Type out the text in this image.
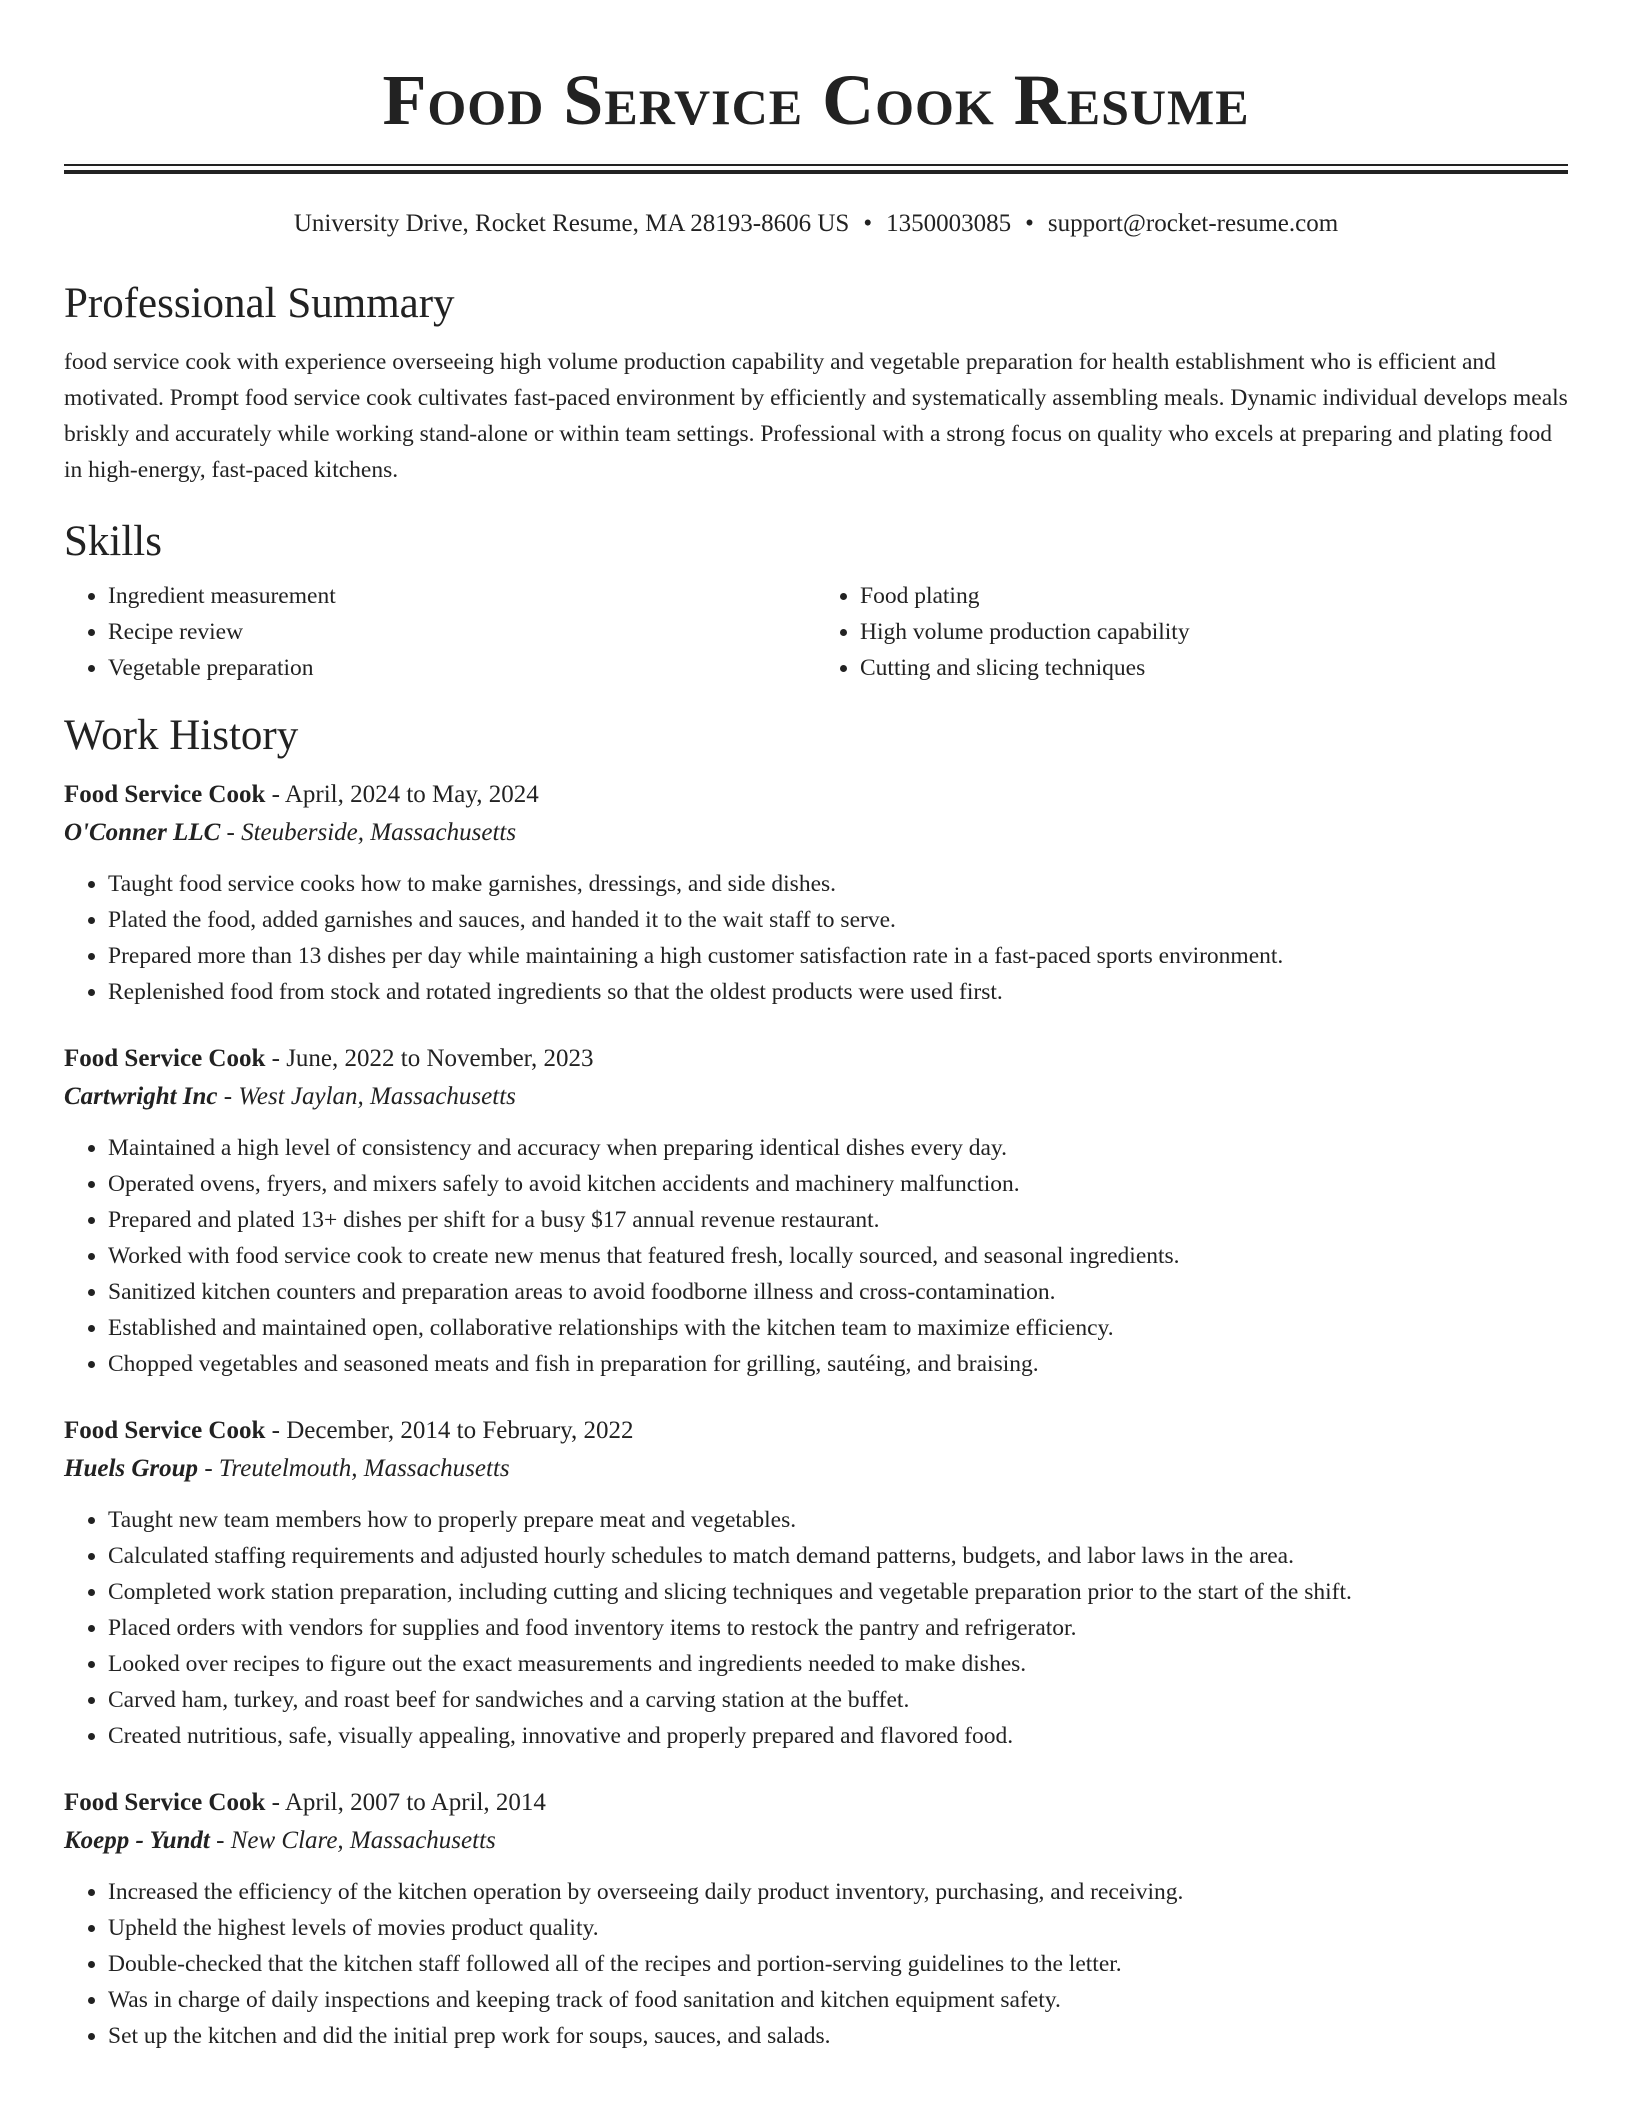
Food Service Cook Resume
University Drive, Rocket Resume, MA 28193-8606 US • 1350003085 • support@rocket-resume.com
Professional Summary

food service cook with experience overseeing high volume production capability and vegetable preparation for health establishment who is efficient and motivated. Prompt food service cook cultivates fast-paced environment by efficiently and systematically assembling meals. Dynamic individual develops meals briskly and accurately while working stand-alone or within team settings. Professional with a strong focus on quality who excels at preparing and plating food in high-energy, fast-paced kitchens.

Skills
• Ingredient measurement
• Recipe review
• Vegetable preparation
• Food plating
• High volume production capability
• Cutting and slicing techniques
Work History
Food Service Cook - April, 2024 to May, 2024
O'Conner LLC - Steuberside, Massachusetts
• Taught food service cooks how to make garnishes, dressings, and side dishes.
• Plated the food, added garnishes and sauces, and handed it to the wait staff to serve.
• Prepared more than 13 dishes per day while maintaining a high customer satisfaction rate in a fast-paced sports environment.
• Replenished food from stock and rotated ingredients so that the oldest products were used first.
Food Service Cook - June, 2022 to November, 2023
Cartwright Inc - West Jaylan, Massachusetts
• Maintained a high level of consistency and accuracy when preparing identical dishes every day.
• Operated ovens, fryers, and mixers safely to avoid kitchen accidents and machinery malfunction.
• Prepared and plated 13+ dishes per shift for a busy $17 annual revenue restaurant.
• Worked with food service cook to create new menus that featured fresh, locally sourced, and seasonal ingredients.
• Sanitized kitchen counters and preparation areas to avoid foodborne illness and cross-contamination.
• Established and maintained open, collaborative relationships with the kitchen team to maximize efficiency.
• Chopped vegetables and seasoned meats and fish in preparation for grilling, sautéing, and braising.
Food Service Cook - December, 2014 to February, 2022
Huels Group - Treutelmouth, Massachusetts
• Taught new team members how to properly prepare meat and vegetables.
• Calculated staffing requirements and adjusted hourly schedules to match demand patterns, budgets, and labor laws in the area.
• Completed work station preparation, including cutting and slicing techniques and vegetable preparation prior to the start of the shift.
• Placed orders with vendors for supplies and food inventory items to restock the pantry and refrigerator.
• Looked over recipes to figure out the exact measurements and ingredients needed to make dishes.
• Carved ham, turkey, and roast beef for sandwiches and a carving station at the buffet.
• Created nutritious, safe, visually appealing, innovative and properly prepared and flavored food.
Food Service Cook - April, 2007 to April, 2014
Koepp - Yundt - New Clare, Massachusetts
• Increased the efficiency of the kitchen operation by overseeing daily product inventory, purchasing, and receiving.
• Upheld the highest levels of movies product quality.
• Double-checked that the kitchen staff followed all of the recipes and portion-serving guidelines to the letter.
• Was in charge of daily inspections and keeping track of food sanitation and kitchen equipment safety.
• Set up the kitchen and did the initial prep work for soups, sauces, and salads.
